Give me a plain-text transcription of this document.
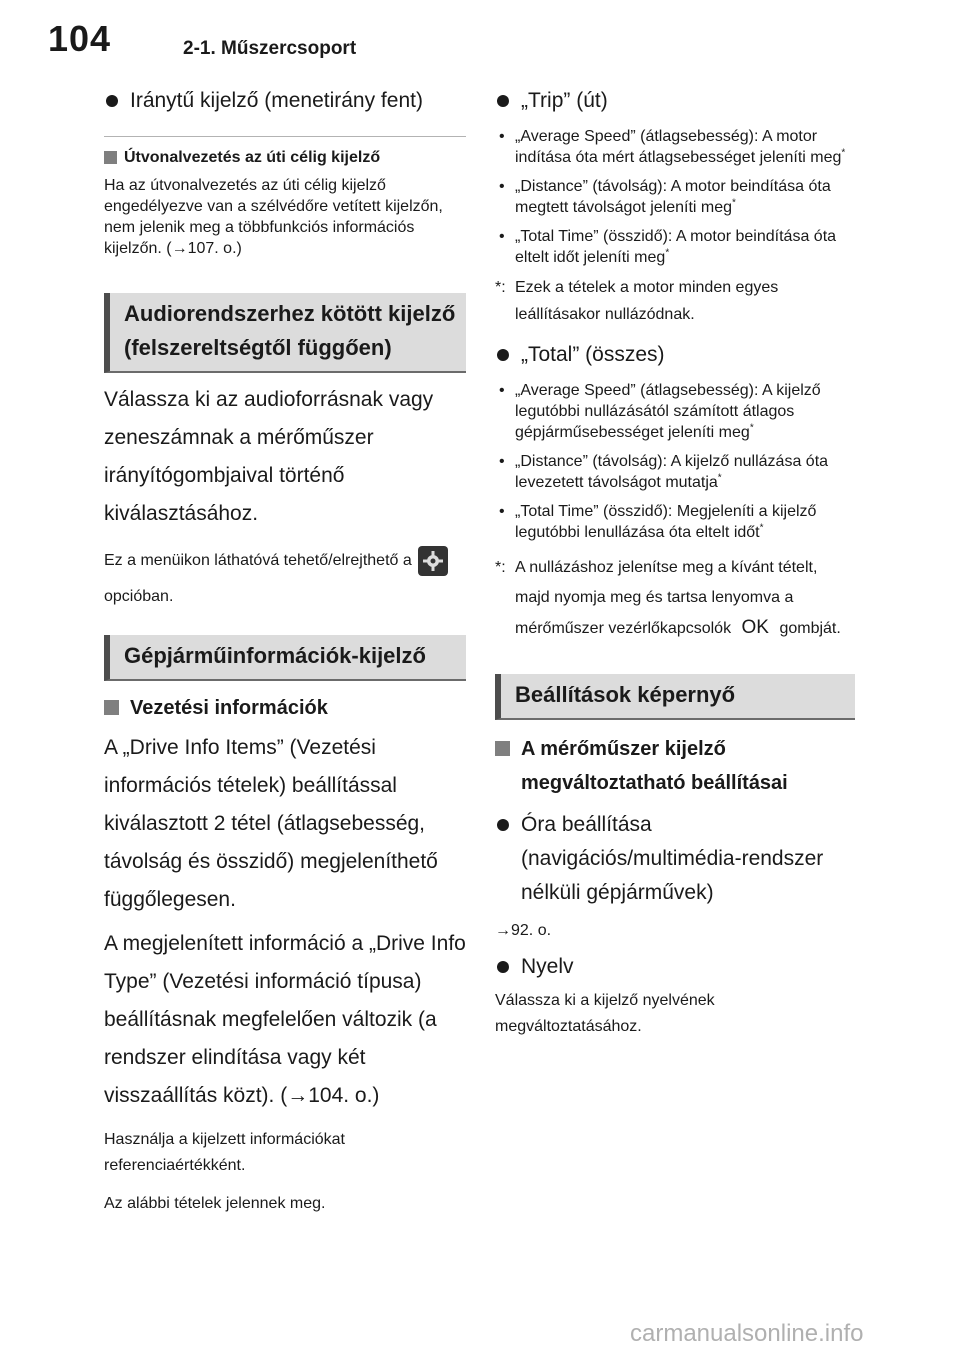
104	2-1. Műszercsoport
Iránytű kijelző (menetirány fent)
Útvonalvezetés az úti célig kijelző
Ha az útvonalvezetés az úti célig kijelző engedélyezve van a szélvédőre vetített kijelzőn, nem jelenik meg a többfunkciós információs kijelzőn. (→107. o.)
Audiorendszerhez kötött kijelző (felszereltségtől függően)
Válassza ki az audioforrásnak vagy zeneszámnak a mérőműszer irányítógombjaival történő kiválasztásához.
Ez a menüikon láthatóvá tehető/elrejthető a
opcióban.
Gépjárműinformációk-kijelző
Vezetési információk
A „Drive Info Items” (Vezetési információs tételek) beállítással kiválasztott 2 tétel (átlagsebesség, távolság és összidő) megjeleníthető függőlegesen.
A megjelenített információ a „Drive Info Type” (Vezetési információ típusa) beállításnak megfelelően változik (a rendszer elindítása vagy két visszaállítás közt). (→104. o.)
Használja a kijelzett információkat referenciaértékként.
Az alábbi tételek jelennek meg.
„Trip” (út)
• „Average Speed” (átlagsebesség): A motor indítása óta mért átlagsebességet jeleníti meg*
• „Distance” (távolság): A motor beindítása óta megtett távolságot jeleníti meg*
• „Total Time” (összidő): A motor beindítása óta eltelt időt jeleníti meg*
*: Ezek a tételek a motor minden egyes leállításakor nullázódnak.
„Total” (összes)
• „Average Speed” (átlagsebesség): A kijelző legutóbbi nullázásától számított átlagos gépjárműsebességet jeleníti meg*
• „Distance” (távolság): A kijelző nullázása óta levezetett távolságot mutatja*
• „Total Time” (összidő): Megjeleníti a kijelző legutóbbi lenullázása óta eltelt időt*
*: A nullázáshoz jelenítse meg a kívánt tételt, majd nyomja meg és tartsa lenyomva a mérőműszer vezérlőkapcsolók OK gombját.
Beállítások képernyő
A mérőműszer kijelző megváltoztatható beállításai
Óra beállítása (navigációs/multimédia-rendszer nélküli gépjárművek)
→92. o.
Nyelv
Válassza ki a kijelző nyelvének megváltoztatásához.
carmanualsonline.info
